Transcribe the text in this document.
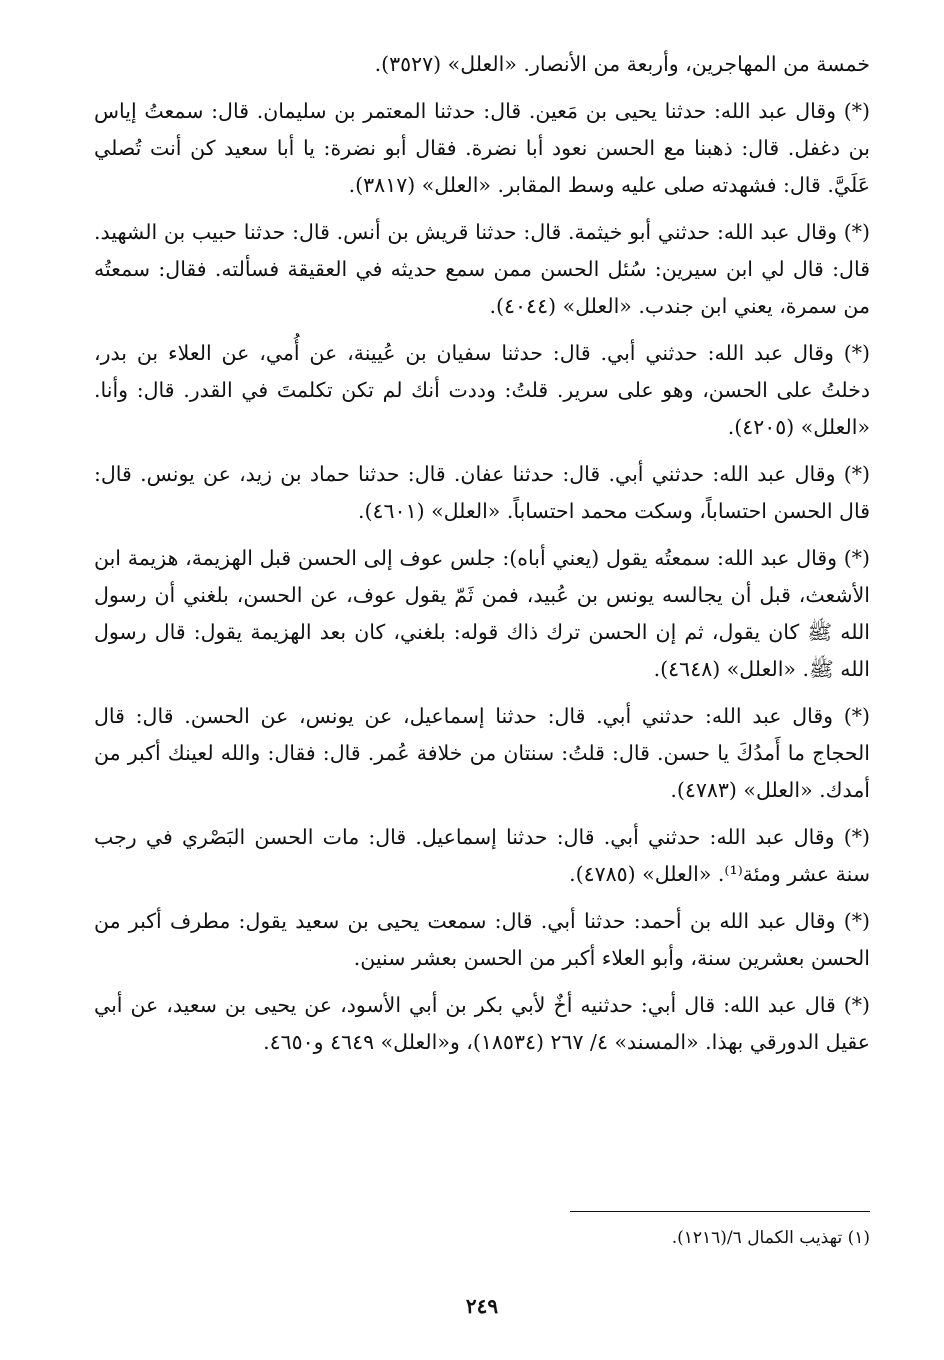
خمسة من المهاجرين، وأربعة من الأنصار. «العلل» (٣٥٢٧).

(*) وقال عبد الله: حدثنا يحيى بن مَعين. قال: حدثنا المعتمر بن سليمان. قال: سمعتُ إياس بن دغفل. قال: ذهبنا مع الحسن نعود أبا نضرة. فقال أبو نضرة: يا أبا سعيد كن أنت تُصلي عَلَيَّ. قال: فشهدته صلى عليه وسط المقابر. «العلل» (٣٨١٧).

(*) وقال عبد الله: حدثني أبو خيثمة. قال: حدثنا قريش بن أنس. قال: حدثنا حبيب بن الشهيد. قال: قال لي ابن سيرين: سُئل الحسن ممن سمع حديثه في العقيقة فسألته. فقال: سمعتُه من سمرة، يعني ابن جندب. «العلل» (٤٠٤٤).

(*) وقال عبد الله: حدثني أبي. قال: حدثنا سفيان بن عُيينة، عن أُمي، عن العلاء بن بدر، دخلتُ على الحسن، وهو على سرير. قلتُ: وددت أنك لم تكن تكلمتَ في القدر. قال: وأنا. «العلل» (٤٢٠٥).

(*) وقال عبد الله: حدثني أبي. قال: حدثنا عفان. قال: حدثنا حماد بن زيد، عن يونس. قال: قال الحسن احتساباً، وسكت محمد احتساباً. «العلل» (٤٦٠١).

(*) وقال عبد الله: سمعتُه يقول (يعني أباه): جلس عوف إلى الحسن قبل الهزيمة، هزيمة ابن الأشعث، قبل أن يجالسه يونس بن عُبيد، فمن ثَمّ يقول عوف، عن الحسن، بلغني أن رسول الله ﷺ كان يقول، ثم إن الحسن ترك ذاك قوله: بلغني، كان بعد الهزيمة يقول: قال رسول الله ﷺ. «العلل» (٤٦٤٨).

(*) وقال عبد الله: حدثني أبي. قال: حدثنا إسماعيل، عن يونس، عن الحسن. قال: قال الحجاج ما أَمدُكَ يا حسن. قال: قلتُ: سنتان من خلافة عُمر. قال: فقال: والله لعينك أكبر من أمدك. «العلل» (٤٧٨٣).

(*) وقال عبد الله: حدثني أبي. قال: حدثنا إسماعيل. قال: مات الحسن البَصْري في رجب سنة عشر ومئة⁽¹⁾. «العلل» (٤٧٨٥).

(*) وقال عبد الله بن أحمد: حدثنا أبي. قال: سمعت يحيى بن سعيد يقول: مطرف أكبر من الحسن بعشرين سنة، وأبو العلاء أكبر من الحسن بعشر سنين.

(*) قال عبد الله: قال أبي: حدثنيه أخٌ لأبي بكر بن أبي الأسود، عن يحيى بن سعيد، عن أبي عقيل الدورقي بهذا. «المسند» ٤/ ٢٦٧ (١٨٥٣٤)، و«العلل» ٤٦٤٩ و٤٦٥٠.

(١) تهذيب الكمال ٦/(١٢١٦).
٢٤٩
